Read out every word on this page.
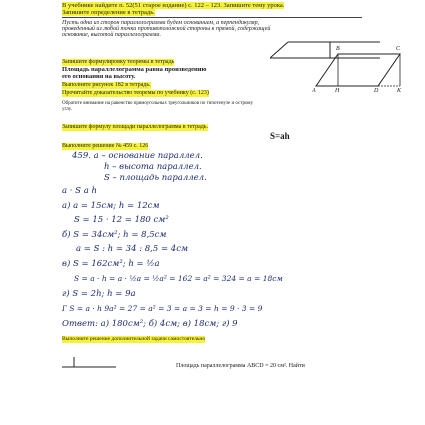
В учебнике найдите п. 52(51 старое издание) с. 122 – 123. Запишите тему урока.
Запишите определение в тетрадь.
Пусть одна из сторон параллелограмма будем основанием, а перпендикуляр,
проведенный из любой точки противоположной стороны к прямой, содержащей
основание, высотой параллелограмма.
Запишите формулировку теоремы в тетрадь
Площадь параллелограмма равна произведению
его основания на высоту.
Выполните рисунок 182 в тетрадь.
Прочитайте доказательство теоремы по учебнику (с. 123)
Обратите внимание на равенство прямоугольных треугольников по гипотенузе и острому
углу.
B	C
A	H	D	K
Запишите формулу площади параллелограмма в тетрадь.
S=ah
Выполните решение № 459 с. 126
459. a – основание параллел.
h – высота параллел.
S – площадь параллел.
a · S a h
а) a = 15см; h = 12см
S = 15 · 12 = 180 см²
б) S = 34см²; h = 8,5см
a = S : h = 34 : 8,5 = 4см
в) S = 162см²; h = ½a
S = a · h = a · ½a = ½a² = 162 = a² = 324 = a = 18см
г) S = 2h; h = 9а
Г S = a · h 9a² = 27 = a² = 3 = a = 3 = h = 9 · 3 = 9
Ответ: а) 180см²; б) 4см; в) 18см; г) 9
Выполните решение дополнительной задачи самостоятельно
Площадь параллелограмма ABCD = 20 см². Найти
